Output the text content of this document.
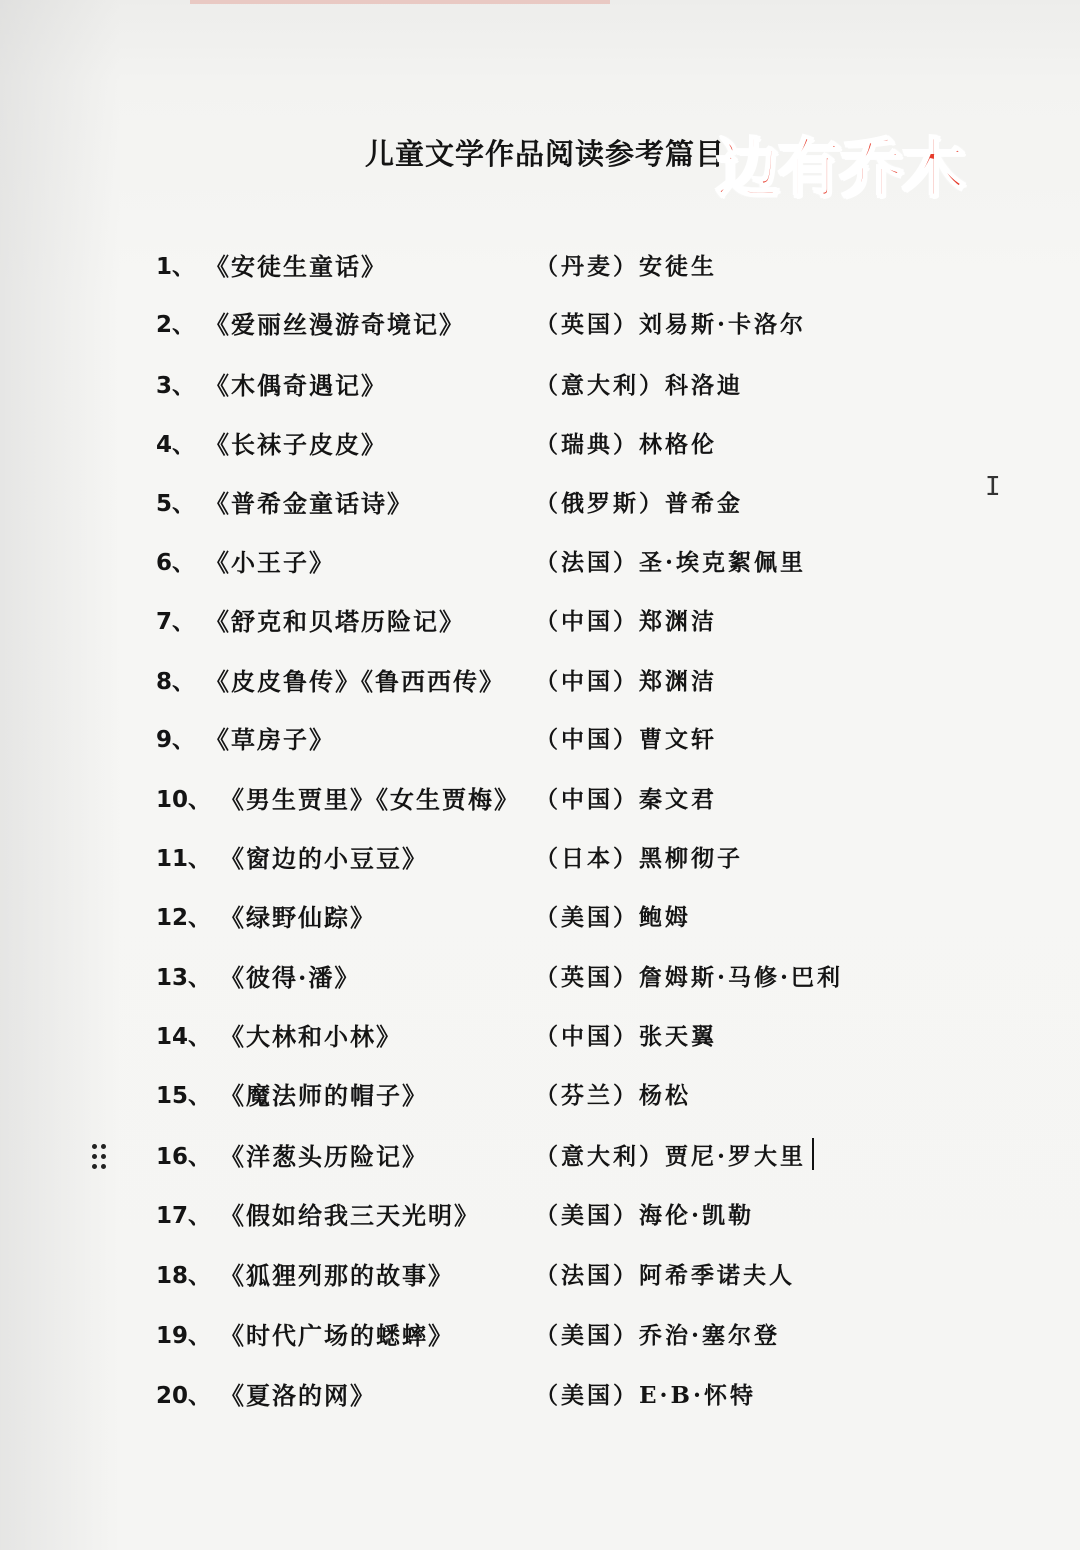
儿童文学作品阅读参考篇目
边有乔木
1、 《安徒生童话》	（丹麦）安徒生
2、 《爱丽丝漫游奇境记》	（英国）刘易斯·卡洛尔
3、 《木偶奇遇记》	（意大利）科洛迪
4、 《长袜子皮皮》	（瑞典）林格伦
5、 《普希金童话诗》	（俄罗斯）普希金
6、 《小王子》	（法国）圣·埃克絮佩里
7、 《舒克和贝塔历险记》	（中国）郑渊洁
8、 《皮皮鲁传》《鲁西西传》 （中国）郑渊洁
9、 《草房子》	（中国）曹文轩
10、 《男生贾里》《女生贾梅》 （中国）秦文君
11、 《窗边的小豆豆》	（日本）黑柳彻子
12、 《绿野仙踪》	（美国）鲍姆
13、 《彼得·潘》	（英国）詹姆斯·马修·巴利
14、 《大林和小林》	（中国）张天翼
15、 《魔法师的帽子》	（芬兰）杨松
16、 《洋葱头历险记》	（意大利）贾尼·罗大里
17、 《假如给我三天光明》 （美国）海伦·凯勒
18、 《狐狸列那的故事》	（法国）阿希季诺夫人
19、 《时代广场的蟋蟀》	（美国）乔治·塞尔登
20、 《夏洛的网》	（美国）E·B·怀特
I
